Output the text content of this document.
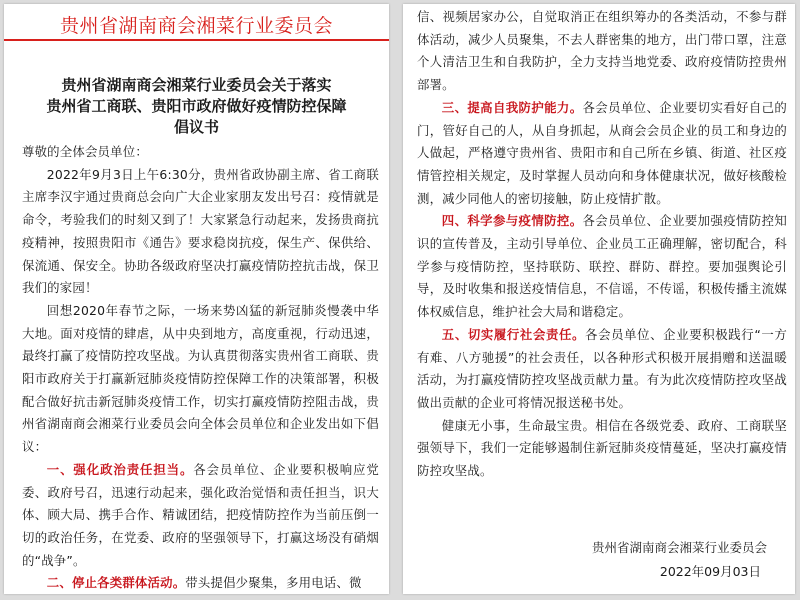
贵州省湖南商会湘菜行业委员会
贵州省湖南商会湘菜行业委员会关于落实
贵州省工商联、贵阳市政府做好疫情防控保障
倡议书

尊敬的全体会员单位：

2022年9月3日上午6:30分，贵州省政协副主席、省工商联主席李汉宇通过贵商总会向广大企业家朋友发出号召：疫情就是命令，考验我们的时刻又到了！大家紧急行动起来，发扬贵商抗疫精神，按照贵阳市《通告》要求稳岗抗疫，保生产、保供给、保流通、保安全。协助各级政府坚决打赢疫情防控抗击战，保卫我们的家园！

回想2020年春节之际，一场来势凶猛的新冠肺炎慢袭中华大地。面对疫情的肆虐，从中央到地方，高度重视，行动迅速，最终打赢了疫情防控攻坚战。为认真贯彻落实贵州省工商联、贵阳市政府关于打赢新冠肺炎疫情防控保障工作的决策部署，积极配合做好抗击新冠肺炎疫情工作，切实打赢疫情防控阻击战，贵州省湖南商会湘菜行业委员会向全体会员单位和企业发出如下倡议：

一、强化政治责任担当。各会员单位、企业要积极响应党委、政府号召，迅速行动起来，强化政治觉悟和责任担当，识大体、顾大局、携手合作、精诚团结，把疫情防控作为当前压倒一切的政治任务，在党委、政府的坚强领导下，打赢这场没有硝烟的“战争”。

二、停止各类群体活动。带头提倡少聚集，多用电话、微

信、视频居家办公，自觉取消正在组织筹办的各类活动，不参与群体活动，减少人员聚集，不去人群密集的地方，出门带口罩，注意个人清洁卫生和自我防护，全力支持当地党委、政府疫情防控贵州部署。

三、提高自我防护能力。各会员单位、企业要切实看好自己的门，管好自己的人，从自身抓起，从商会会员企业的员工和身边的人做起，严格遵守贵州省、贵阳市和自己所在乡镇、街道、社区疫情管控相关规定，及时掌握人员动向和身体健康状况，做好核酸检测，减少同他人的密切接触，防止疫情扩散。

四、科学参与疫情防控。各会员单位、企业要加强疫情防控知识的宣传普及，主动引导单位、企业员工正确理解，密切配合，科学参与疫情防控，坚持联防、联控、群防、群控。要加强舆论引导，及时收集和报送疫情信息，不信谣，不传谣，积极传播主流媒体权威信息，维护社会大局和谐稳定。

五、切实履行社会责任。各会员单位、企业要积极践行“一方有难、八方驰援”的社会责任，以各种形式积极开展捐赠和送温暖活动，为打赢疫情防控攻坚战贡献力量。有为此次疫情防控攻坚战做出贡献的企业可将情况报送秘书处。

健康无小事，生命最宝贵。相信在各级党委、政府、工商联坚强领导下，我们一定能够遏制住新冠肺炎疫情蔓延，坚决打赢疫情防控攻坚战。

贵州省湖南商会湘菜行业委员会
2022年09月03日
